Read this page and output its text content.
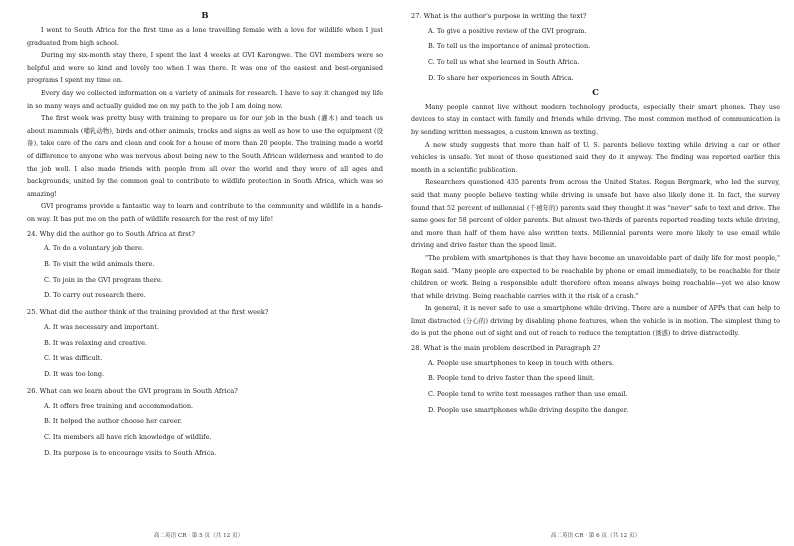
B

I went to South Africa for the first time as a lone travelling female with a love for wildlife when I just graduated from high school.

During my six-month stay there, I spent the last 4 weeks at GVI Karongwe. The GVI members were so helpful and were so kind and lovely too when I was there. It was one of the easiest and best-organised programs I spent my time on.

Every day we collected information on a variety of animals for research. I have to say it changed my life in so many ways and actually guided me on my path to the job I am doing now.

The first week was pretty busy with training to prepare us for our job in the bush (灌木) and teach us about mammals (哺乳动物), birds and other animals, tracks and signs as well as how to use the equipment (设备), take care of the cars and clean and cook for a house of more than 20 people. The training made a world of difference to anyone who was nervous about being new to the South African wilderness and wanted to do the job well. I also made friends with people from all over the world and they were of all ages and backgrounds, united by the common goal to contribute to wildlife protection in South Africa, which was so amazing!

GVI programs provide a fantastic way to learn and contribute to the community and wildlife in a hands-on way. It has put me on the path of wildlife research for the rest of my life!

24. Why did the author go to South Africa at first?
A. To do a voluntary job there.
B. To visit the wild animals there.
C. To join in the GVI program there.
D. To carry out research there.
25. What did the author think of the training provided at the first week?
A. It was necessary and important.
B. It was relaxing and creative.
C. It was difficult.
D. It was too long.
26. What can we learn about the GVI program in South Africa?
A. It offers free training and accommodation.
B. It helped the author choose her career.
C. Its members all have rich knowledge of wildlife.
D. Its purpose is to encourage visits to South Africa.
高二英语 CR · 第 5 页（共 12 页）
27. What is the author's purpose in writing the text?
A. To give a positive review of the GVI program.
B. To tell us the importance of animal protection.
C. To tell us what she learned in South Africa.
D. To share her experiences in South Africa.
C

Many people cannot live without modern technology products, especially their smart phones. They use devices to stay in contact with family and friends while driving. The most common method of communication is by sending written messages, a custom known as texting.

A new study suggests that more than half of U. S. parents believe texting while driving a car or other vehicles is unsafe. Yet most of those questioned said they do it anyway. The finding was reported earlier this month in a scientific publication.

Researchers questioned 435 parents from across the United States. Regan Bergmark, who led the survey, said that many people believe texting while driving is unsafe but have also likely done it. In fact, the survey found that 52 percent of millennial (千禧年的) parents said they thought it was "never" safe to text and drive. The same goes for 58 percent of older parents. But almost two-thirds of parents reported reading texts while driving, and more than half of them have also written texts. Millennial parents were more likely to use email while driving and drive faster than the speed limit.

"The problem with smartphones is that they have become an unavoidable part of daily life for most people," Regan said. "Many people are expected to be reachable by phone or email immediately, to be reachable for their children or work. Being a responsible adult therefore often means always being reachable—yet we also know that while driving. Being reachable carries with it the risk of a crash."

In general, it is never safe to use a smartphone while driving. There are a number of APPs that can help to limit distracted (分心的) driving by disabling phone features, when the vehicle is in motion. The simplest thing to do is put the phone out of sight and out of reach to reduce the temptation (诱惑) to drive distractedly.

28. What is the main problem described in Paragraph 2?
A. People use smartphones to keep in touch with others.
B. People tend to drive faster than the speed limit.
C. People tend to write text messages rather than use email.
D. People use smartphones while driving despite the danger.
高二英语 CR · 第 6 页（共 12 页）
